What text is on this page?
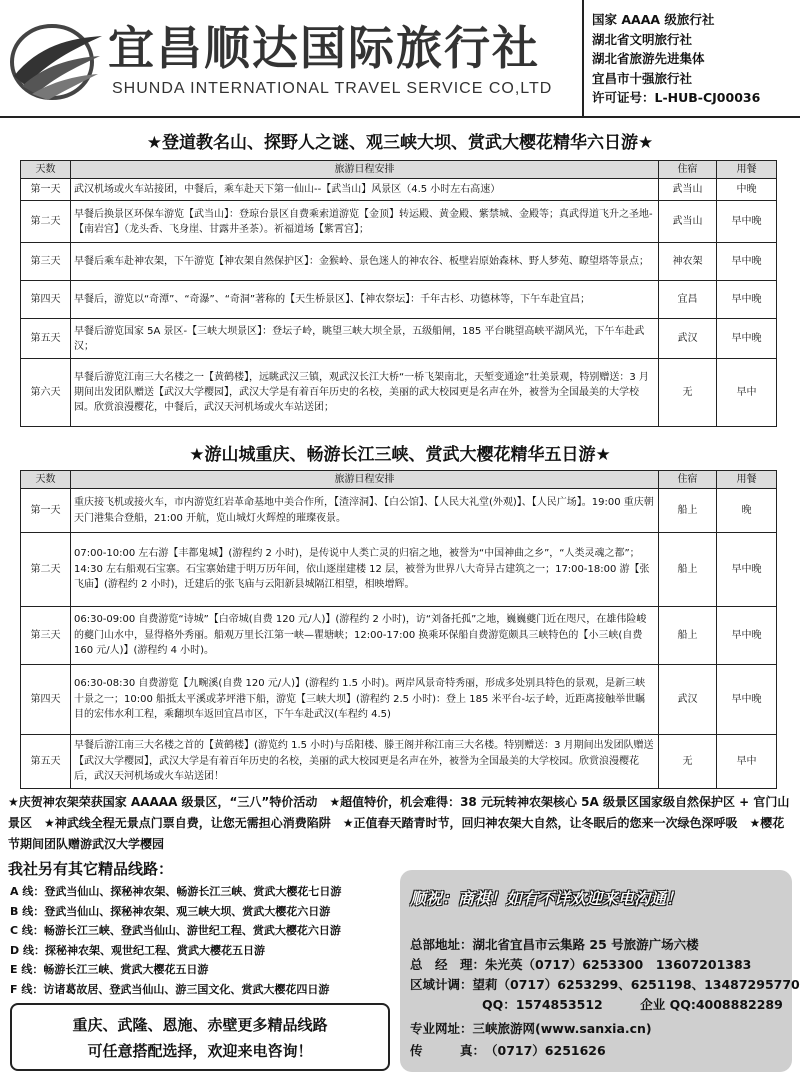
宜昌顺达国际旅行社
SHUNDA INTERNATIONAL TRAVEL SERVICE CO,LTD
国家 AAAA 级旅行社
湖北省文明旅行社
湖北省旅游先进集体
宜昌市十强旅行社
许可证号：L-HUB-CJ00036
★登道教名山、探野人之谜、观三峡大坝、赏武大樱花精华六日游★
天数	旅游日程安排	住宿	用餐
第一天	武汉机场或火车站接团，中餐后，乘车赴天下第一仙山--【武当山】风景区（4.5 小时左右高速）	武当山	中晚
第二天	早餐后换景区环保车游览【武当山】：登琼台景区自费乘索道游览【金顶】转运殿、黄金殿、紫禁城、金殿等；真武得道飞升之圣地-【南岩宫】（龙头香、飞身崖、甘露井圣茶）。祈福道场【紫霄宫】；	武当山	早中晚
第三天	早餐后乘车赴神农架，下午游览【神农架自然保护区】：金猴岭、景色迷人的神农谷、板壁岩原始森林、野人梦苑、瞭望塔等景点；	神农架	早中晚
第四天	早餐后，游览以“奇潭”、“奇瀑”、“奇洞”著称的【天生桥景区】、【神农祭坛】：千年古杉、功德林等，下午车赴宜昌；	宜昌	早中晚
第五天	早餐后游览国家 5A 景区-【三峡大坝景区】：登坛子岭，眺望三峡大坝全景，五级船闸，185 平台眺望高峡平湖风光，下午车赴武汉；	武汉	早中晚
第六天	早餐后游览江南三大名楼之一【黄鹤楼】，远眺武汉三镇，观武汉长江大桥“一桥飞架南北，天堑变通途”壮美景观，特别赠送：3 月期间出发团队赠送【武汉大学樱园】，武汉大学是有着百年历史的名校，美丽的武大校园更是名声在外，被誉为全国最美的大学校园。欣赏浪漫樱花，中餐后，武汉天河机场或火车站送团；	无	早中
★游山城重庆、畅游长江三峡、赏武大樱花精华五日游★
天数	旅游日程安排	住宿	用餐
第一天	重庆接飞机或接火车，市内游览红岩革命基地中美合作所，【渣滓洞】、【白公馆】、【人民大礼堂(外观)】、【人民广场】。19:00 重庆朝天门港集合登船，21:00 开航，览山城灯火辉煌的璀璨夜景。	船上	晚
第二天	07:00-10:00 左右游【丰都鬼城】(游程约 2 小时)，是传说中人类亡灵的归宿之地，被誉为“中国神曲之乡”，“人类灵魂之都”；14:30 左右船观石宝寨。石宝寨始建于明万历年间，依山逐崖建楼 12 层，被誉为世界八大奇异古建筑之一；17:00-18:00 游【张飞庙】(游程约 2 小时)，迁建后的张飞庙与云阳新县城隔江相望，相映增辉。	船上	早中晚
第三天	06:30-09:00 自费游览“诗城”【白帝城(自费 120 元/人)】(游程约 2 小时)，访“刘备托孤”之地，巍巍夔门近在咫尺，在雄伟险峻的夔门山水中，显得格外秀丽。船观万里长江第一峡—瞿塘峡；12:00-17:00 换乘环保船自费游览颇具三峡特色的【小三峡(自费 160 元/人)】(游程约 4 小时)。	船上	早中晚
第四天	06:30-08:30 自费游览【九畹溪(自费 120 元/人)】(游程约 1.5 小时)。两岸风景奇特秀丽，形成多处别具特色的景观，是新三峡十景之一；10:00 船抵太平溪或茅坪港下船，游览【三峡大坝】(游程约 2.5 小时)：登上 185 米平台-坛子岭，近距离接触举世瞩目的宏伟水利工程，乘翻坝车返回宜昌市区，下午车赴武汉(车程约 4.5)	武汉	早中晚
第五天	早餐后游江南三大名楼之首的【黄鹤楼】(游览约 1.5 小时)与岳阳楼、滕王阁并称江南三大名楼。特别赠送：3 月期间出发团队赠送【武汉大学樱园】，武汉大学是有着百年历史的名校，美丽的武大校园更是名声在外，被誉为全国最美的大学校园。欣赏浪漫樱花后，武汉天河机场或火车站送团！	无	早中
★庆贺神农架荣获国家 AAAAA 级景区，“三八”特价活动　★超值特价，机会难得：38 元玩转神农架核心 5A 级景区国家级自然保护区 + 官门山景区　★神武线全程无景点门票自费，让您无需担心消费陷阱　★正值春天踏青时节，回归神农架大自然，让冬眠后的您来一次绿色深呼吸　★樱花节期间团队赠游武汉大学樱园
我社另有其它精品线路：
A 线：登武当仙山、探秘神农架、畅游长江三峡、赏武大樱花七日游
B 线：登武当仙山、探秘神农架、观三峡大坝、赏武大樱花六日游
C 线：畅游长江三峡、登武当仙山、游世纪工程、赏武大樱花六日游
D 线：探秘神农架、观世纪工程、赏武大樱花五日游
E 线：畅游长江三峡、赏武大樱花五日游
F 线：访诸葛故居、登武当仙山、游三国文化、赏武大樱花四日游
重庆、武隆、恩施、赤壁更多精品线路
可任意搭配选择，欢迎来电咨询！
顺祝：商祺！如有不详欢迎来电沟通！
总部地址：湖北省宜昌市云集路 25 号旅游广场六楼
总　经　理：朱光英（0717）6253300　13607201383
区域计调：望莉（0717）6253299、6251198、13487295770
QQ：1574853512　　　企业 QQ:4008882289
专业网址：三峡旅游网(www.sanxia.cn)
传　　　真：（0717）6251626
